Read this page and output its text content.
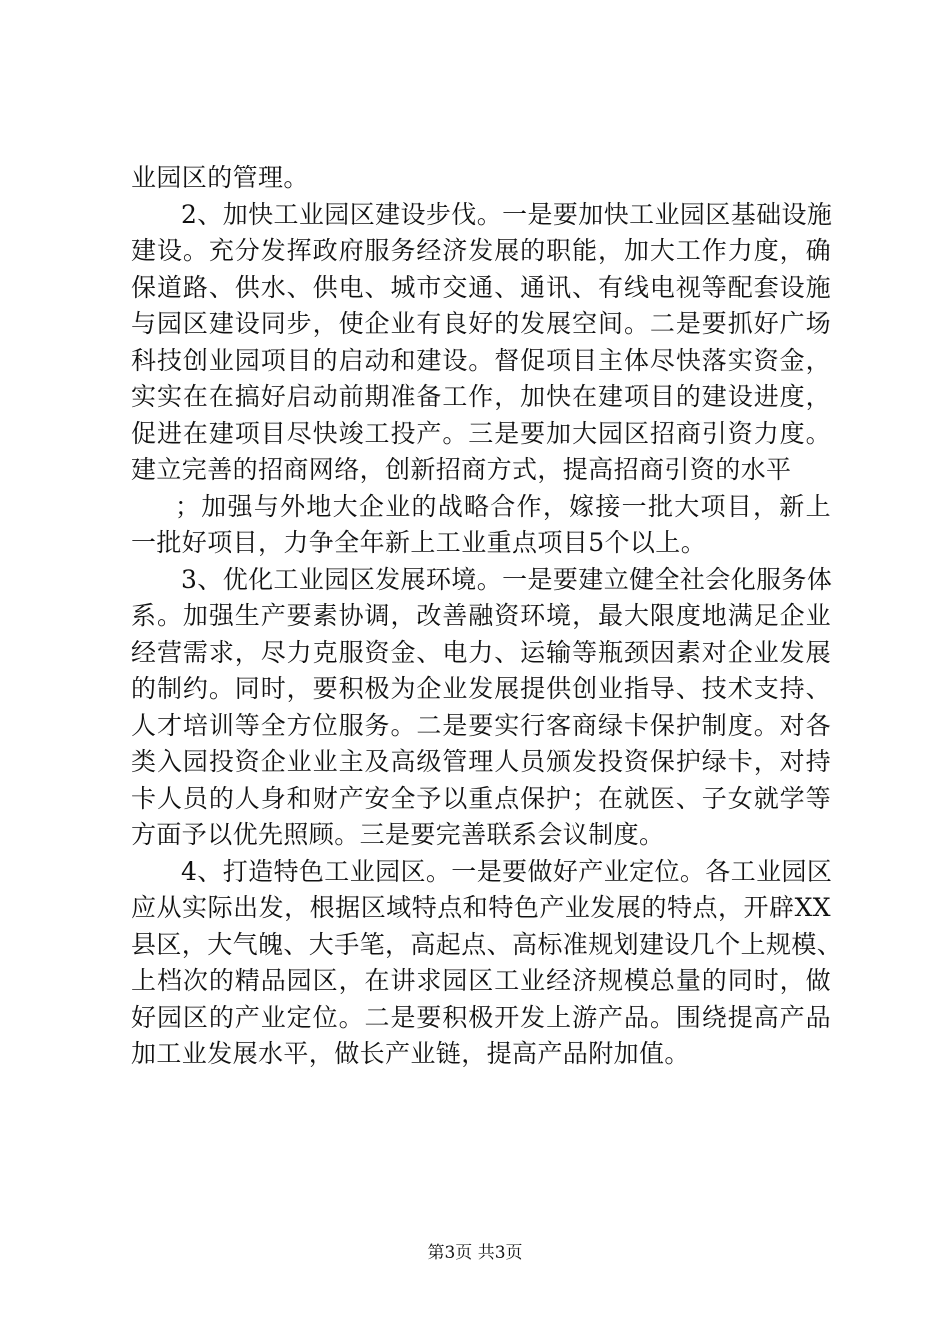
业园区的管理。
2、加快工业园区建设步伐。一是要加快工业园区基础设施
建设。充分发挥政府服务经济发展的职能，加大工作力度，确
保道路、供水、供电、城市交通、通讯、有线电视等配套设施
与园区建设同步，使企业有良好的发展空间。二是要抓好广场
科技创业园项目的启动和建设。督促项目主体尽快落实资金，
实实在在搞好启动前期准备工作，加快在建项目的建设进度，
促进在建项目尽快竣工投产。三是要加大园区招商引资力度。
建立完善的招商网络，创新招商方式，提高招商引资的水平
；加强与外地大企业的战略合作，嫁接一批大项目，新上
一批好项目，力争全年新上工业重点项目5个以上。
3、优化工业园区发展环境。一是要建立健全社会化服务体
系。加强生产要素协调，改善融资环境，最大限度地满足企业
经营需求，尽力克服资金、电力、运输等瓶颈因素对企业发展
的制约。同时，要积极为企业发展提供创业指导、技术支持、
人才培训等全方位服务。二是要实行客商绿卡保护制度。对各
类入园投资企业业主及高级管理人员颁发投资保护绿卡，对持
卡人员的人身和财产安全予以重点保护；在就医、子女就学等
方面予以优先照顾。三是要完善联系会议制度。
4、打造特色工业园区。一是要做好产业定位。各工业园区
应从实际出发，根据区域特点和特色产业发展的特点，开辟XX
县区，大气魄、大手笔，高起点、高标准规划建设几个上规模、
上档次的精品园区，在讲求园区工业经济规模总量的同时，做
好园区的产业定位。二是要积极开发上游产品。围绕提高产品
加工业发展水平，做长产业链，提高产品附加值。
第3页 共3页
